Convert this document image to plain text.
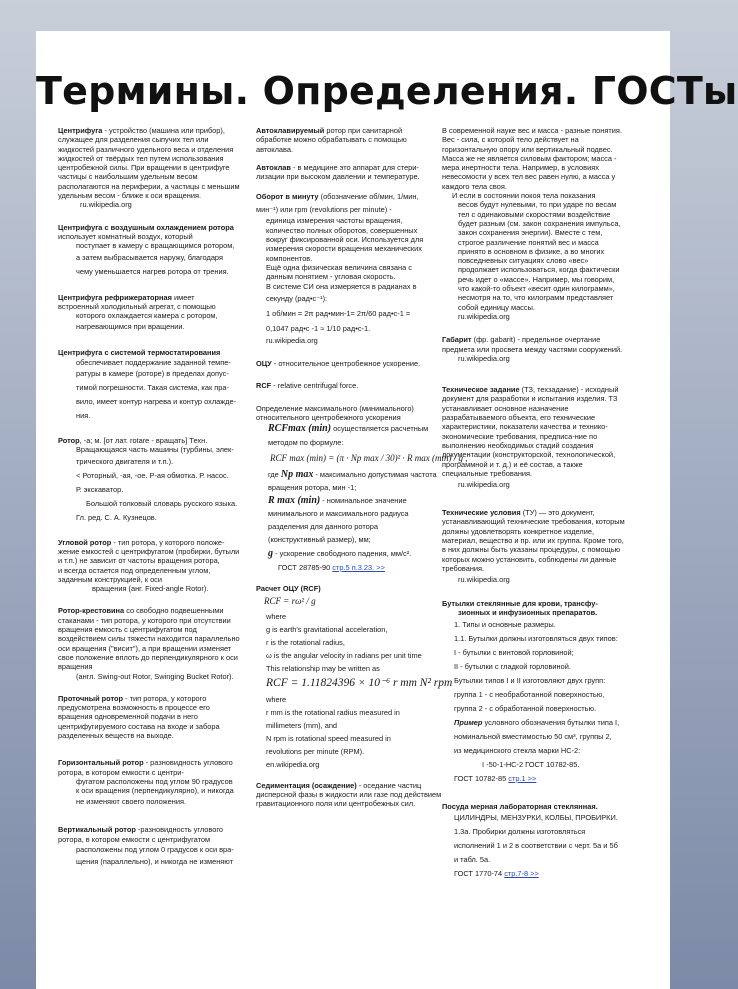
Термины. Определения. ГОСТы
Центрифуга - устройство (машина или прибор),
служащее для разделения сыпучих тел или
жидкостей различного удельного веса и отделения
жидкостей от твёрдых тел путем использования
центробежной силы. При вращении в центрифуге
частицы с наибольшим удельным весом
располагаются на периферии, а частицы с меньшим
удельным весом - ближе к оси вращения.
ru.wikipedia.org
Центрифуга с воздушным охлаждением ротора
использует комнатный воздух, который
поступает в камеру с вращающимся ротором,
а затем выбрасывается наружу, благодаря
чему уменьшается нагрев ротора от трения.
Центрифуга рефрижераторная имеет
встроенный холодильный агрегат, с помощью
которого охлаждается камера с ротором,
нагревающимся при вращении.
Центрифуга с системой термостатирования
обеспечивает поддержание заданной темпе-
ратуры в камере (роторе) в пределах допус-
тимой погрешности. Такая система, как пра-
вило, имеет контур нагрева и контур охлажде-
ния.
Ротор, -а; м. [от лат. rotare - вращать] Техн.
Вращающаяся часть машины (турбины, элек-
трического двигателя и т.п.).
< Роторный, -ая, -ое. Р-ая обмотка. Р. насос.
Р. экскаватор.
Большой толковый словарь русского языка.
Гл. ред. С. А. Кузнецов.
Угловой ротор - тип ротора, у которого положе-
жение емкостей с центрифугатом (пробирки, бутыли
и т.п.) не зависит от частоты вращения ротора,
и всегда остается под определенным углом,
заданным конструкцией, к оси
вращения (анг. Fixed-angle Rotor).
Ротор-крестовина со свободно подвешенными
стаканами - тип ротора, у которого при отсутствии
вращения емкость с центрифугатом под
воздействием силы тяжести находится параллельно
оси вращения ("висит"), а при вращении изменяет
свое положение вплоть до перпендикулярного к оси
вращения
(англ. Swing-out Rotor, Swinging Bucket Rotor).
Проточный ротор - тип ротора, у которого
предусмотрена возможность в процессе его
вращения одновременной подачи в него
центрифугируемого состава на входе и забора
разделенных веществ на выходе.
Горизонтальный ротор - разновидность углового
ротора, в котором емкости с центри-
фугатом расположены под углом 90 градусов
к оси вращения (перпендикулярно), и никогда
не изменяют своего положения.
Вертикальный ротор -разновидность углового
ротора, в котором емкости с центрифугатом
расположены под углом 0 градусов к оси вра-
щения (параллельно), и никогда не изменяют
Автоклавируемый ротор при санитарной
обработке можно обрабатывать с помощью
автоклава.
Автоклав - в медицине это аппарат для стери-
лизации при высоком давлении и температуре.
Оборот в минуту (обозначение об/мин, 1/мин,
мин⁻¹) или rpm (revolutions per minute) -
единица измерения частоты вращения,
количество полных оборотов, совершенных
вокруг фиксированной оси. Используется для
измерения скорости вращения механических
компонентов.
Ещё одна физическая величина связана с
данным понятием - угловая скорость.
В системе СИ она измеряется в радианах в
секунду (рад•с⁻¹):
1 об/мин = 2π рад•мин-1= 2π/60 рад•с-1 =
0,1047 рад•с -1 ≈ 1/10 рад•с-1.
ru.wikipedia.org
ОЦУ - относительное центробежное ускорение.
RCF - relative centrifugal force.
Определение максимального (минимального)
относительного центробежного ускорения
RCFmax (min) осуществляется расчетным
методом по формуле:
RCF max (min) = (π · Np max / 30)² · R max (min) / g ,
где Np max - максимально допустимая частота
вращения ротора, мин -1;
R max (min) - номинальное значение
минимального и максимального радиуса
разделения для данного ротора
(конструктивный размер), мм;
g - ускорение свободного падения, мм/с².
ГОСТ 28785-90 стр.5 п.3.23. >>
Расчет ОЦУ (RCF)
RCF = rω² / g
where
g is earth's gravitational acceleration,
r is the rotational radius,
ω is the angular velocity in radians per unit time
This relationship may be written as
RCF = 1.11824396 × 10⁻⁶ r mm N² rpm
where
r mm is the rotational radius measured in
millimeters (mm), and
N rpm is rotational speed measured in
revolutions per minute (RPM).
en.wikipedia.org
Седиментация (осаждение) - оседание частиц
дисперсной фазы в жидкости или газе под действием
гравитационного поля или центробежных сил.
В современной науке вес и масса - разные понятия.
Вес - сила, с которой тело действует на
горизонтальную опору или вертикальный подвес.
Масса же не является силовым фактором; масса -
мера инертности тела. Например, в условиях
невесомости у всех тел вес равен нулю, а масса у
каждого тела своя.
И если в состоянии покоя тела показания
весов будут нулевыми, то при ударе по весам
тел с одинаковыми скоростями воздействие
будет разным (см. закон сохранения импульса,
закон сохранения энергии). Вместе с тем,
строгое различение понятий вес и масса
принято в основном в физике, а во многих
повседневных ситуациях слово «вес»
продолжает использоваться, когда фактически
речь идет о «массе». Например, мы говорим,
что какой-то объект «весит один килограмм»,
несмотря на то, что килограмм представляет
собой единицу массы.
ru.wikipedia.org
Габарит (фр. gabarit) - предельное очертание
предмета или просвета между частями сооружений.
ru.wikipedia.org
Техническое задание (ТЗ, техзадание) - исходный
документ для разработки и испытания изделия. ТЗ
устанавливает основное назначение
разрабатываемого объекта, его технические
характеристики, показатели качества и технико-
экономические требования, предписа-ние по
выполнению необходимых стадий создания
документации (конструкторской, технологической,
программной и т. д.) и её состав, а также
специальные требования.
ru.wikipedia.org
Технические условия (ТУ) — это документ,
устанавливающий технические требования, которым
должны удовлетворять конкретное изделие,
материал, вещество и пр. или их группа. Кроме того,
в них должны быть указаны процедуры, с помощью
которых можно установить, соблюдены ли данные
требования.
ru.wikipedia.org
Бутылки стеклянные для крови, трансфу-
зионных и инфузионных препаратов.
1. Типы и основные размеры.
1.1. Бутылки должны изготовляться двух типов:
I - бутылки с винтовой горловиной;
II - бутылки с гладкой горловиной.
Бутылки типов I и II изготовляют двух групп:
группа 1 - с необработанной поверхностью,
группа 2 - с обработанной поверхностью.
Пример условного обозначения бутылки типа I,
номинальной вместимостью 50 см³, группы 2,
из медицинского стекла марки НС-2:
I -50-1-НС-2 ГОСТ 10782-85.
ГОСТ 10782-85 стр.1 >>
Посуда мерная лабораторная стеклянная.
ЦИЛИНДРЫ, МЕНЗУРКИ, КОЛБЫ, ПРОБИРКИ.
1.3а. Пробирки должны изготовляться
исполнений 1 и 2 в соответствии с черт. 5а и 5б
и табл. 5а.
ГОСТ 1770-74 стр.7-8 >>
